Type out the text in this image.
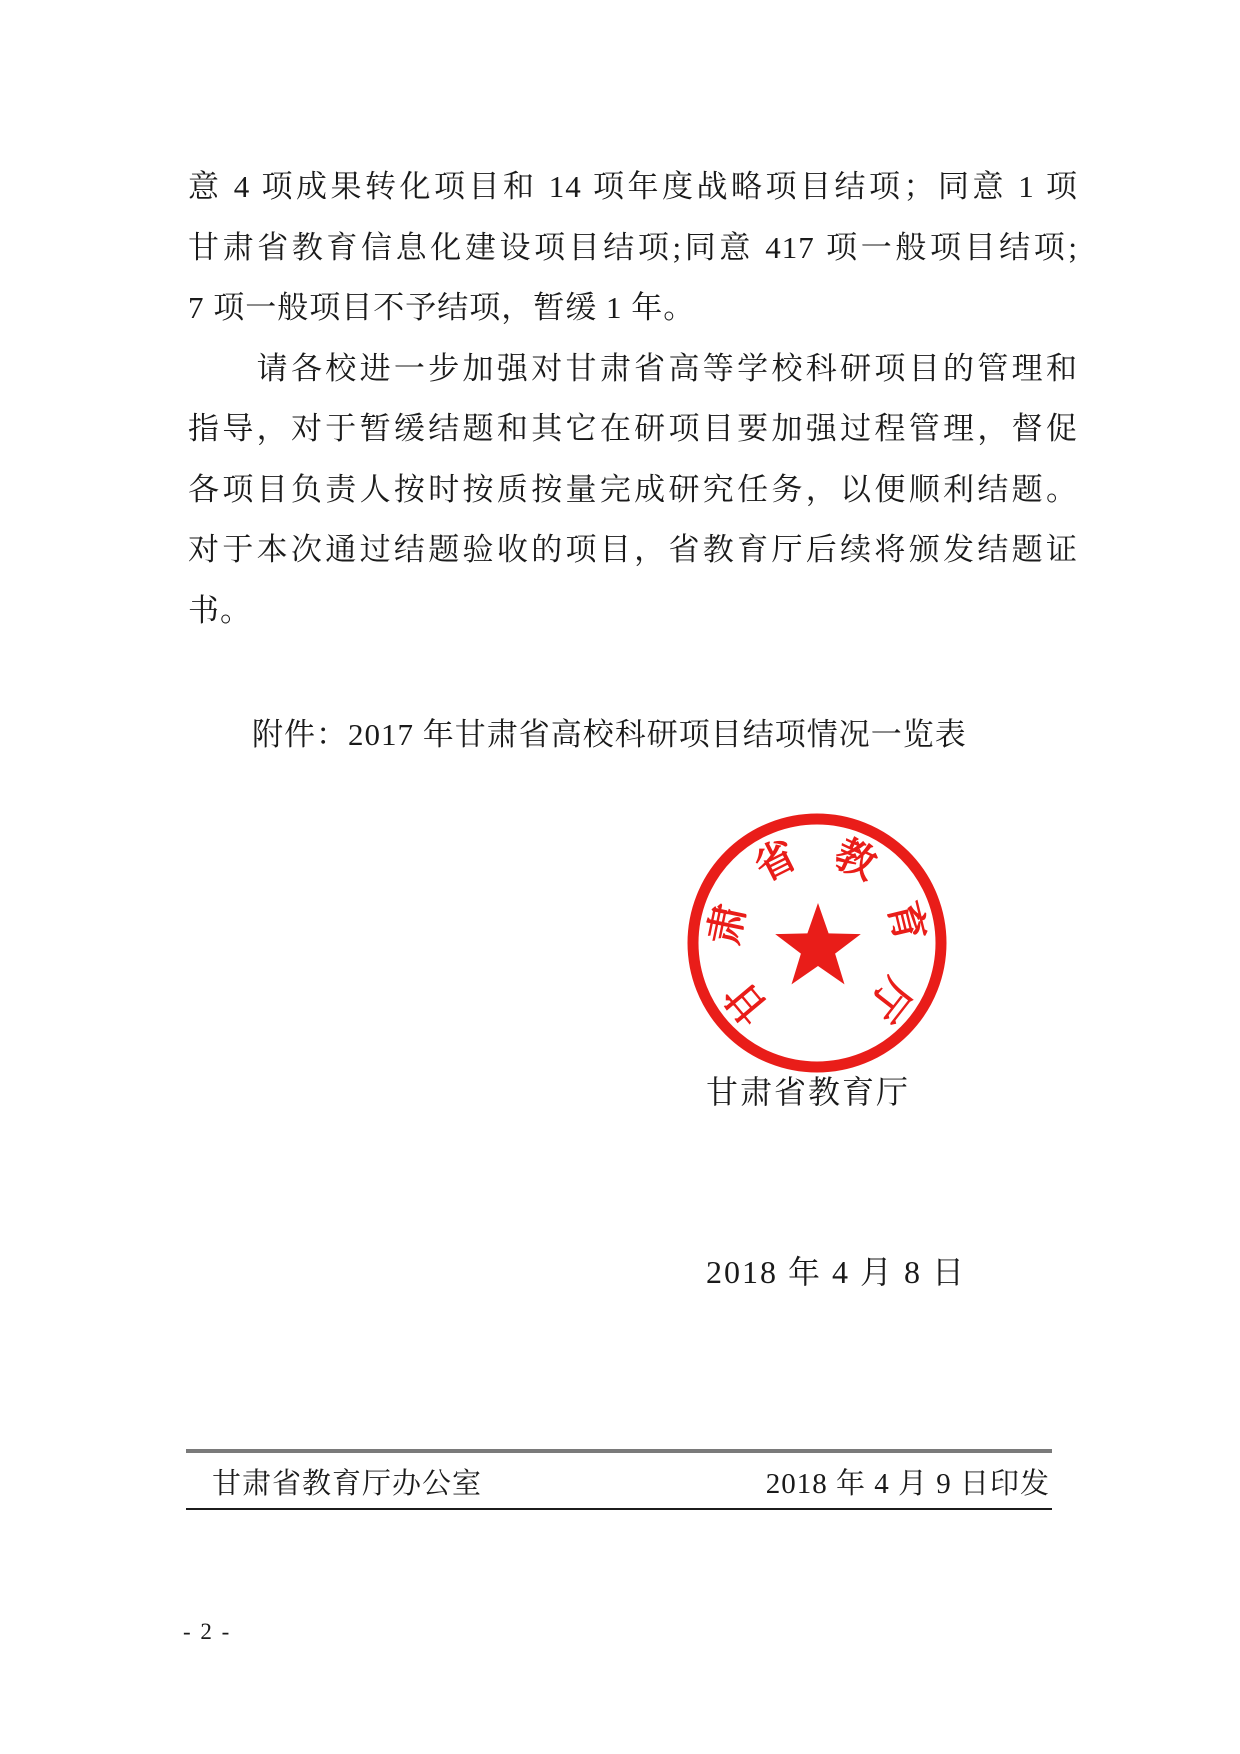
意 4 项成果转化项目和 14 项年度战略项目结项；同意 1 项
甘肃省教育信息化建设项目结项;同意 417 项一般项目结项;
7 项一般项目不予结项，暂缓 1 年。
　　请各校进一步加强对甘肃省高等学校科研项目的管理和
指导，对于暂缓结题和其它在研项目要加强过程管理，督促
各项目负责人按时按质按量完成研究任务，以便顺利结题。
对于本次通过结题验收的项目，省教育厅后续将颁发结题证
书。
　　附件：2017 年甘肃省高校科研项目结项情况一览表

甘肃省教育厅

2018 年 4 月 8 日

甘
肃
省 教
育
厅
甘肃省教育厅办公室	2018 年 4 月 9 日印发
- 2 -
